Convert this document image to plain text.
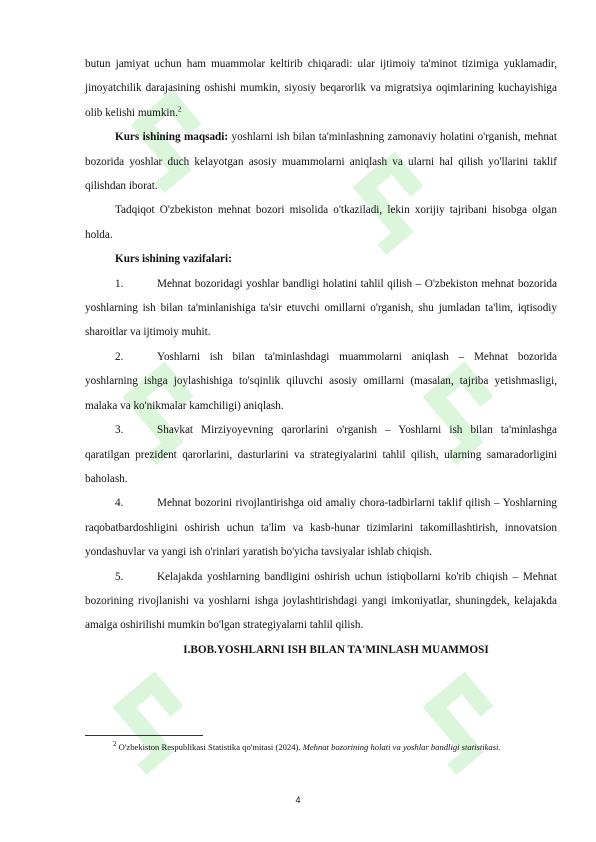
butun jamiyat uchun ham muammolar keltirib chiqaradi: ular ijtimoiy ta'minot tizimiga yuklamadir, jinoyatchilik darajasining oshishi mumkin, siyosiy beqarorlik va migratsiya oqimlarining kuchayishiga olib kelishi mumkin.$^2$

Kurs ishining maqsadi: yoshlarni ish bilan ta'minlashning zamonaviy holatini o'rganish, mehnat bozorida yoshlar duch kelayotgan asosiy muammolarni aniqlash va ularni hal qilish yo'llarini taklif qilishdan iborat.

Tadqiqot O'zbekiston mehnat bozori misolida o'tkaziladi, lekin xorijiy tajribani hisobga olgan holda.

Kurs ishining vazifalari:

1.	Mehnat bozoridagi yoshlar bandligi holatini tahlil qilish – O'zbekiston mehnat bozorida yoshlarning ish bilan ta'minlanishiga ta'sir etuvchi omillarni o'rganish, shu jumladan ta'lim, iqtisodiy sharoitlar va ijtimoiy muhit.

2.	Yoshlarni ish bilan ta'minlashdagi muammolarni aniqlash – Mehnat bozorida yoshlarning ishga joylashishiga to'sqinlik qiluvchi asosiy omillarni (masalan, tajriba yetishmasligi, malaka va ko'nikmalar kamchiligi) aniqlash.

3.	Shavkat Mirziyoyevning qarorlarini o'rganish – Yoshlarni ish bilan ta'minlashga qaratilgan prezident qarorlarini, dasturlarini va strategiyalarini tahlil qilish, ularning samaradorligini baholash.

4.	Mehnat bozorini rivojlantirishga oid amaliy chora-tadbirlarni taklif qilish – Yoshlarning raqobatbardoshligini oshirish uchun ta'lim va kasb-hunar tizimlarini takomillashtirish, innovatsion yondashuvlar va yangi ish o'rinlari yaratish bo'yicha tavsiyalar ishlab chiqish.

5.	Kelajakda yoshlarning bandligini oshirish uchun istiqbollarni ko'rib chiqish – Mehnat bozorining rivojlanishi va yoshlarni ishga joylashtirishdagi yangi imkoniyatlar, shuningdek, kelajakda amalga oshirilishi mumkin bo'lgan strategiyalarni tahlil qilish.

I.BOB.YOSHLARNI ISH BILAN TA'MINLASH MUAMMOSI

$^2$ O'zbekiston Respublikasi Statistika qo'mitasi (2024). Mehnat bozorining holati va yoshlar bandligi statistikasi.
4
